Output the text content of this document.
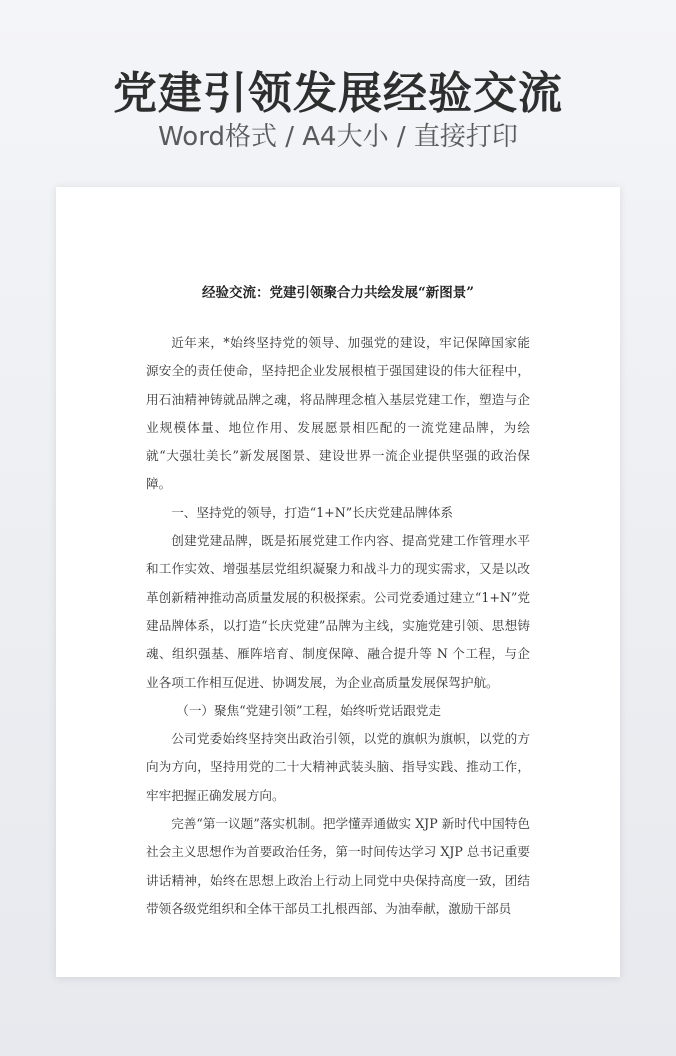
党建引领发展经验交流
Word格式 / A4大小 / 直接打印
经验交流：党建引领聚合力共绘发展“新图景”

近年来，*始终坚持党的领导、加强党的建设，牢记保障国家能源安全的责任使命，坚持把企业发展根植于强国建设的伟大征程中，用石油精神铸就品牌之魂，将品牌理念植入基层党建工作，塑造与企业规模体量、地位作用、发展愿景相匹配的一流党建品牌，为绘就“大强壮美长”新发展图景、建设世界一流企业提供坚强的政治保障。

一、坚持党的领导，打造“1+N”长庆党建品牌体系

创建党建品牌，既是拓展党建工作内容、提高党建工作管理水平和工作实效、增强基层党组织凝聚力和战斗力的现实需求，又是以改革创新精神推动高质量发展的积极探索。公司党委通过建立“1+N”党建品牌体系，以打造“长庆党建”品牌为主线，实施党建引领、思想铸魂、组织强基、雁阵培育、制度保障、融合提升等 N 个工程，与企业各项工作相互促进、协调发展，为企业高质量发展保驾护航。

（一）聚焦“党建引领”工程，始终听党话跟党走

公司党委始终坚持突出政治引领，以党的旗帜为旗帜，以党的方向为方向，坚持用党的二十大精神武装头脑、指导实践、推动工作，牢牢把握正确发展方向。

完善“第一议题”落实机制。把学懂弄通做实 XJP 新时代中国特色社会主义思想作为首要政治任务，第一时间传达学习 XJP 总书记重要讲话精神，始终在思想上政治上行动上同党中央保持高度一致，团结带领各级党组织和全体干部员工扎根西部、为油奉献，激励干部员
